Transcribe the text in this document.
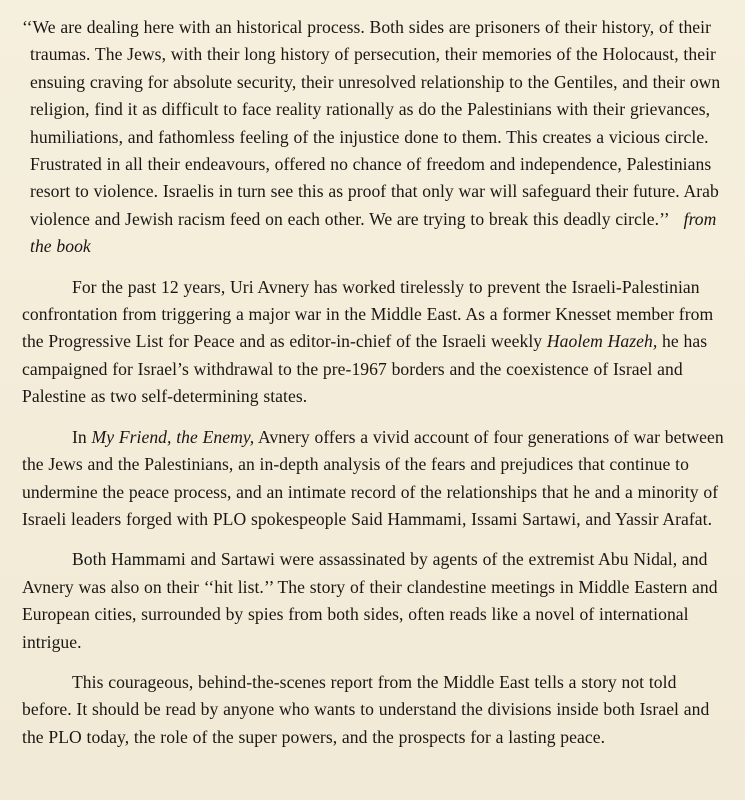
‘‘We are dealing here with an historical process. Both sides are prisoners of their history, of their traumas. The Jews, with their long history of persecution, their memories of the Holocaust, their ensuing craving for absolute security, their unresolved relationship to the Gentiles, and their own religion, find it as difficult to face reality rationally as do the Palestinians with their grievances, humiliations, and fathomless feeling of the injustice done to them. This creates a vicious circle. Frustrated in all their endeavours, offered no chance of freedom and independence, Palestinians resort to violence. Israelis in turn see this as proof that only war will safeguard their future. Arab violence and Jewish racism feed on each other. We are trying to break this deadly circle.’’ from the book

For the past 12 years, Uri Avnery has worked tirelessly to prevent the Israeli-Palestinian confrontation from triggering a major war in the Middle East. As a former Knesset member from the Progressive List for Peace and as editor-in-chief of the Israeli weekly Haolem Hazeh, he has campaigned for Israel’s withdrawal to the pre-1967 borders and the coexistence of Israel and Palestine as two self-determining states.

In My Friend, the Enemy, Avnery offers a vivid account of four generations of war between the Jews and the Palestinians, an in-depth analysis of the fears and prejudices that continue to undermine the peace process, and an intimate record of the relationships that he and a minority of Israeli leaders forged with PLO spokespeople Said Hammami, Issami Sartawi, and Yassir Arafat.

Both Hammami and Sartawi were assassinated by agents of the extremist Abu Nidal, and Avnery was also on their ‘‘hit list.’’ The story of their clandestine meetings in Middle Eastern and European cities, surrounded by spies from both sides, often reads like a novel of international intrigue.

This courageous, behind-the-scenes report from the Middle East tells a story not told before. It should be read by anyone who wants to understand the divisions inside both Israel and the PLO today, the role of the super powers, and the prospects for a lasting peace.
